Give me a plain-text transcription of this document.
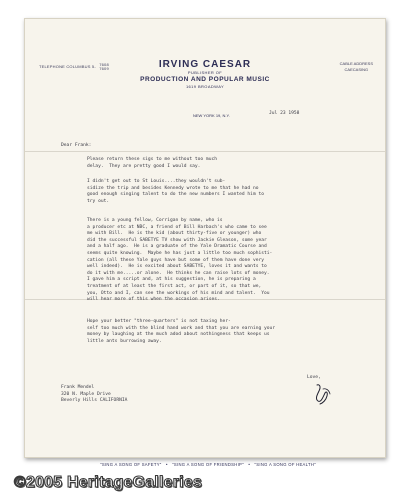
TELEPHONE COLUMBUS 5- 7608
7609
CABLE ADDRESS
CAECASING
IRVING CAESAR
PUBLISHER OF
PRODUCTION AND POPULAR MUSIC
1619 BROADWAY
NEW YORK 19, N.Y.	Jul 23 1958
Dear Frank:

Please return these sigs to me without too much
delay.  They are pretty good I would say.

I didn't get out to St Louis....they wouldn't sub-
sidize the trip and besides Kennedy wrote to me that he had no
good enough singing talent to do the new numbers I wanted him to
try out.

There is a young fellow, Corrigan by name, who is
a producer etc at NBC, a friend of Bill Harbach's who came to see
me with Bill.  He is the kid (about thirty-five or younger) who
did the successful SABETYE TV show with Jackie Gleason, some year
and a half ago.  He is a graduate of the Yale Dramatic Course and
seems quite knowing.  Maybe he has just a little too much sophisti-
cation (all these Yale guys have but some of them have done very
well indeed).  He is excited about SABETYE, loves it and wants to
do it with me.....or alone.  He thinks he can raise lots of money.
I gave him a script and, at his suggestion, he is preparing a
treatment of at least the first act, or part of it, so that we,
you, Otto and I, can see the workings of his mind and talent.  You
will hear more of this when the occasion arises.

Hope your better "three-quarters" is not taxing her-
self too much with the blind hand work and that you are earning your
money by laughing at the much adod about nothingness that keeps us
little ants burrowing away.

Love,
Frank Mendel
320 N. Maple Drive
Beverly Hills CALIFORNIA
"SING A SONG OF SAFETY"   •   "SING A SONG OF FRIENDSHIP"   •   "SING A SONG OF HEALTH"
©2005 HeritageGalleries
